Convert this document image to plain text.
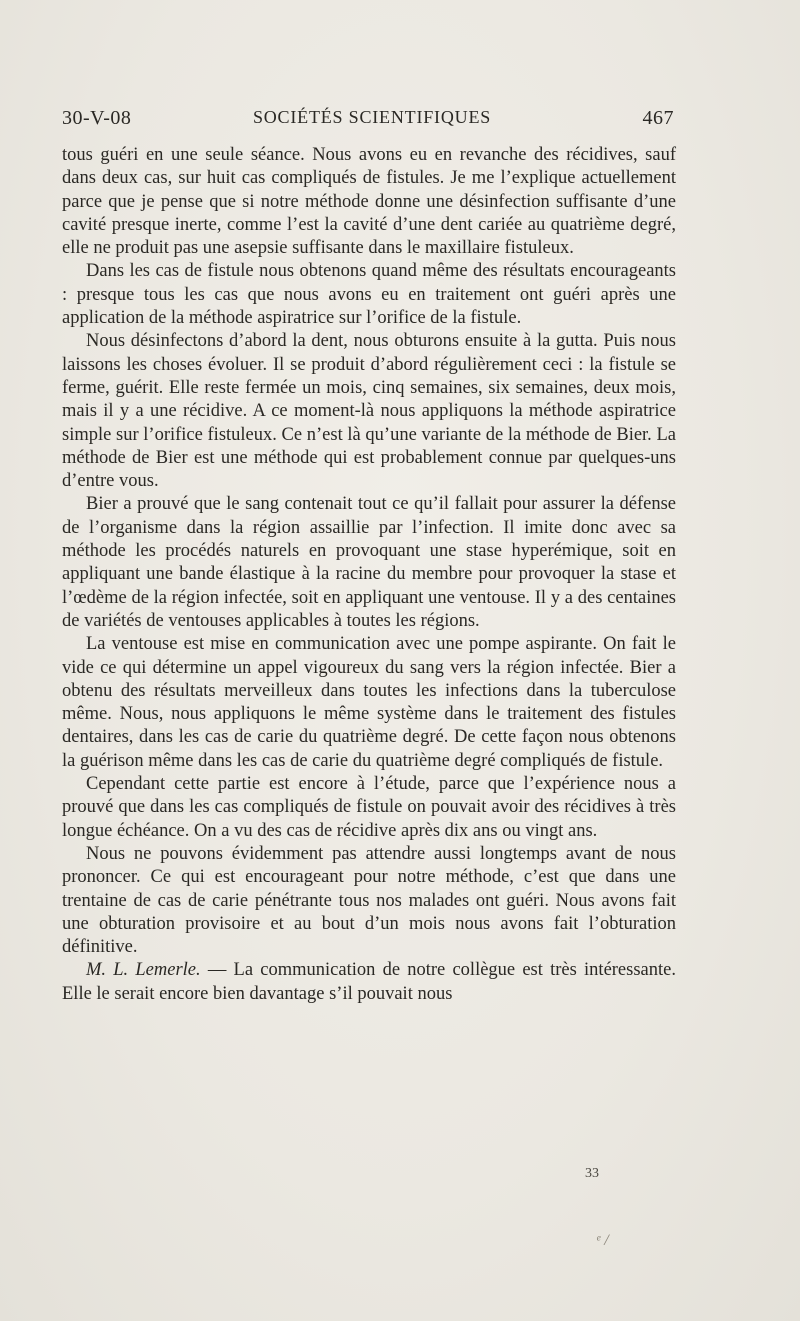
30-V-08	SOCIÉTÉS SCIENTIFIQUES	467

tous guéri en une seule séance. Nous avons eu en revanche des récidives, sauf dans deux cas, sur huit cas compliqués de fistules. Je me l’explique actuellement parce que je pense que si notre méthode donne une désinfection suffisante d’une cavité presque inerte, comme l’est la cavité d’une dent cariée au quatrième degré, elle ne produit pas une asepsie suffisante dans le maxillaire fistuleux.

Dans les cas de fistule nous obtenons quand même des résultats encourageants : presque tous les cas que nous avons eu en traitement ont guéri après une application de la méthode aspiratrice sur l’orifice de la fistule.

Nous désinfectons d’abord la dent, nous obturons ensuite à la gutta. Puis nous laissons les choses évoluer. Il se produit d’abord régulièrement ceci : la fistule se ferme, guérit. Elle reste fermée un mois, cinq semaines, six semaines, deux mois, mais il y a une récidive. A ce moment-là nous appliquons la méthode aspiratrice simple sur l’orifice fistuleux. Ce n’est là qu’une variante de la méthode de Bier. La méthode de Bier est une méthode qui est probablement connue par quelques-uns d’entre vous.

Bier a prouvé que le sang contenait tout ce qu’il fallait pour assurer la défense de l’organisme dans la région assaillie par l’infection. Il imite donc avec sa méthode les procédés naturels en provoquant une stase hyperémique, soit en appliquant une bande élastique à la racine du membre pour provoquer la stase et l’œdème de la région infectée, soit en appliquant une ventouse. Il y a des centaines de variétés de ventouses applicables à toutes les régions.

La ventouse est mise en communication avec une pompe aspirante. On fait le vide ce qui détermine un appel vigoureux du sang vers la région infectée. Bier a obtenu des résultats merveilleux dans toutes les infections dans la tuberculose même. Nous, nous appliquons le même système dans le traitement des fistules dentaires, dans les cas de carie du quatrième degré. De cette façon nous obtenons la guérison même dans les cas de carie du quatrième degré compliqués de fistule.

Cependant cette partie est encore à l’étude, parce que l’expérience nous a prouvé que dans les cas compliqués de fistule on pouvait avoir des récidives à très longue échéance. On a vu des cas de récidive après dix ans ou vingt ans.

Nous ne pouvons évidemment pas attendre aussi longtemps avant de nous prononcer. Ce qui est encourageant pour notre méthode, c’est que dans une trentaine de cas de carie pénétrante tous nos malades ont guéri. Nous avons fait une obturation provisoire et au bout d’un mois nous avons fait l’obturation définitive.

M. L. Lemerle. — La communication de notre collègue est très intéressante. Elle le serait encore bien davantage s’il pouvait nous

33
ᵉ /
